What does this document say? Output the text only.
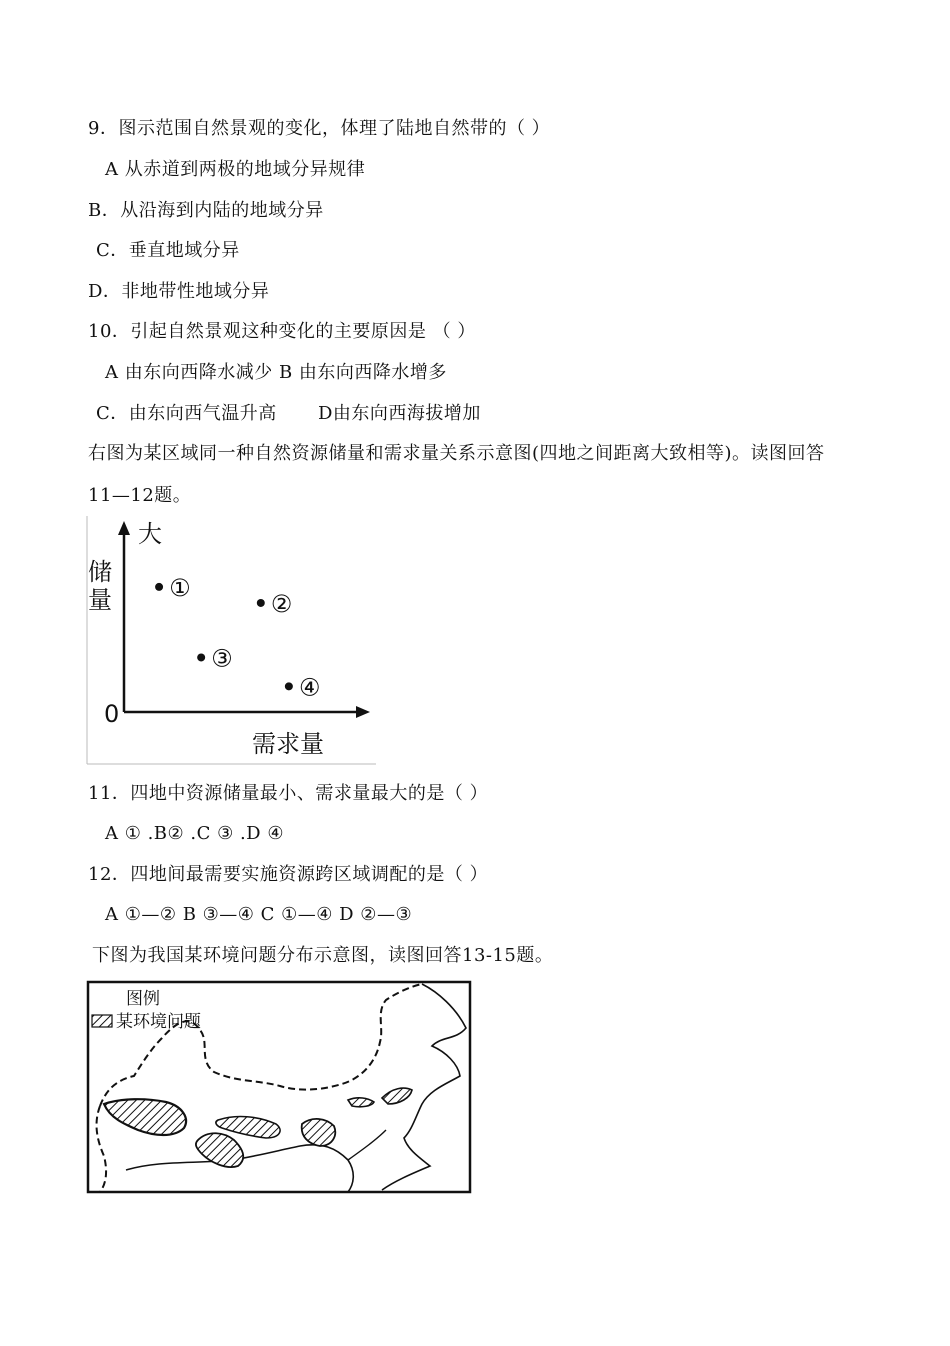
9．图示范围自然景观的变化，体理了陆地自然带的（ ）
A 从赤道到两极的地域分异规律
B．从沿海到内陆的地域分异
C．垂直地域分异
D．非地带性地域分异
10．引起自然景观这种变化的主要原因是 （ ）
A 由东向西降水减少 B 由东向西降水增多
C．由东向西气温升高 D由东向西海拔增加
右图为某区域同一种自然资源储量和需求量关系示意图(四地之间距离大致相等)。读图回答
11—12题。
大
储
量
0
需求量
①
②
③
④
11．四地中资源储量最小、需求量最大的是（ ）
A ① .B② .C ③ .D ④
12．四地间最需要实施资源跨区域调配的是（ ）
A ①—② B ③—④ C ①—④ D ②—③
下图为我国某环境问题分布示意图，读图回答13-15题。
图例
某环境问题
